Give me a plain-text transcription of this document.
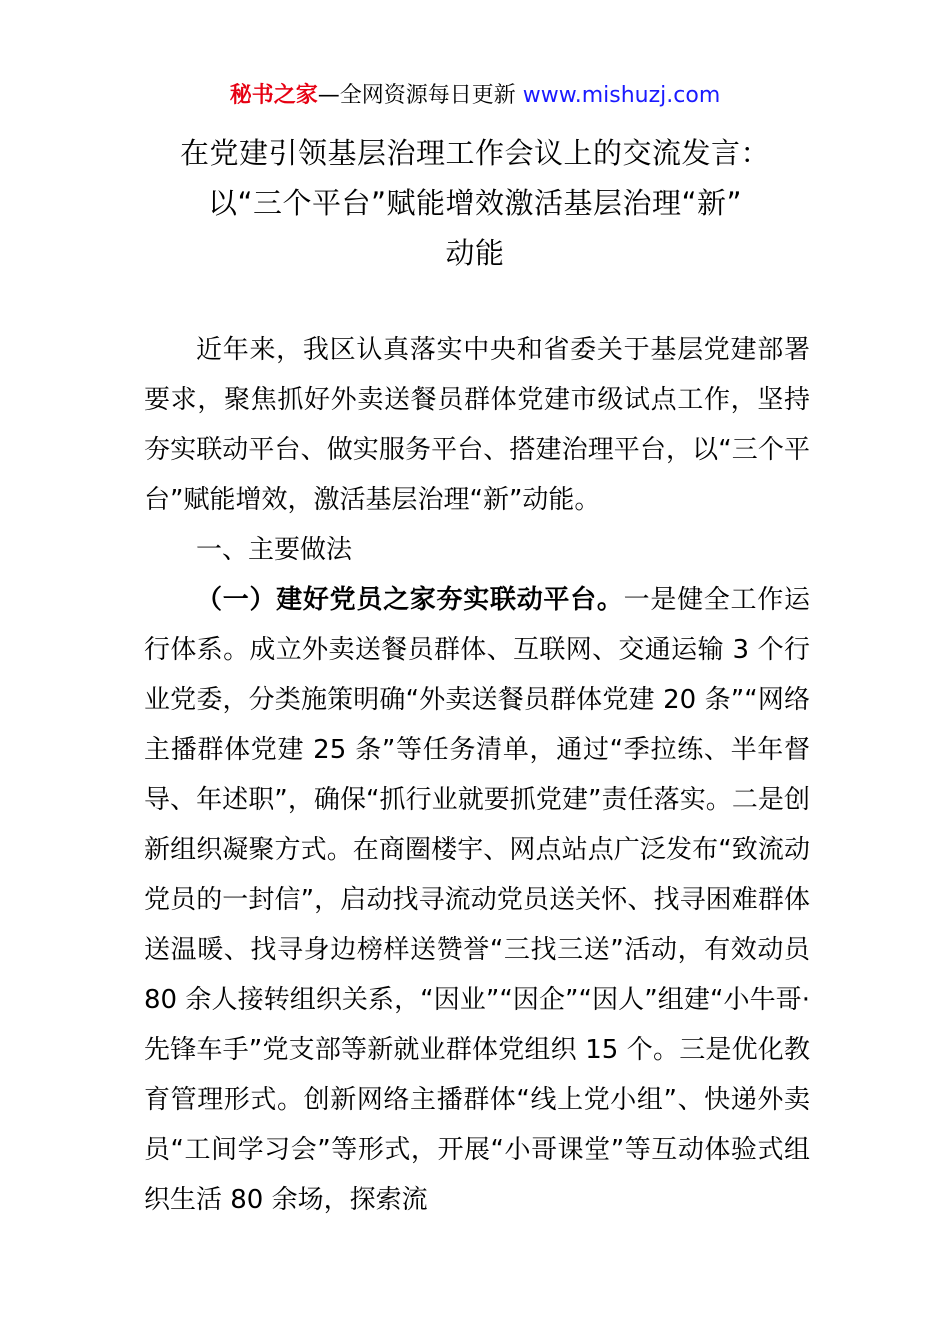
秘书之家—全网资源每日更新 www.mishuzj.com
在党建引领基层治理工作会议上的交流发言：
以“三个平台”赋能增效激活基层治理“新”
动能

近年来，我区认真落实中央和省委关于基层党建部署要求，聚焦抓好外卖送餐员群体党建市级试点工作，坚持夯实联动平台、做实服务平台、搭建治理平台，以“三个平台”赋能增效，激活基层治理“新”动能。

一、主要做法

（一）建好党员之家夯实联动平台。一是健全工作运行体系。成立外卖送餐员群体、互联网、交通运输 3 个行业党委，分类施策明确“外卖送餐员群体党建 20 条”“网络主播群体党建 25 条”等任务清单，通过“季拉练、半年督导、年述职”，确保“抓行业就要抓党建”责任落实。二是创新组织凝聚方式。在商圈楼宇、网点站点广泛发布“致流动党员的一封信”，启动找寻流动党员送关怀、找寻困难群体送温暖、找寻身边榜样送赞誉“三找三送”活动，有效动员 80 余人接转组织关系，“因业”“因企”“因人”组建“小牛哥·先锋车手”党支部等新就业群体党组织 15 个。三是优化教育管理形式。创新网络主播群体“线上党小组”、快递外卖员“工间学习会”等形式，开展“小哥课堂”等互动体验式组织生活 80 余场，探索流
